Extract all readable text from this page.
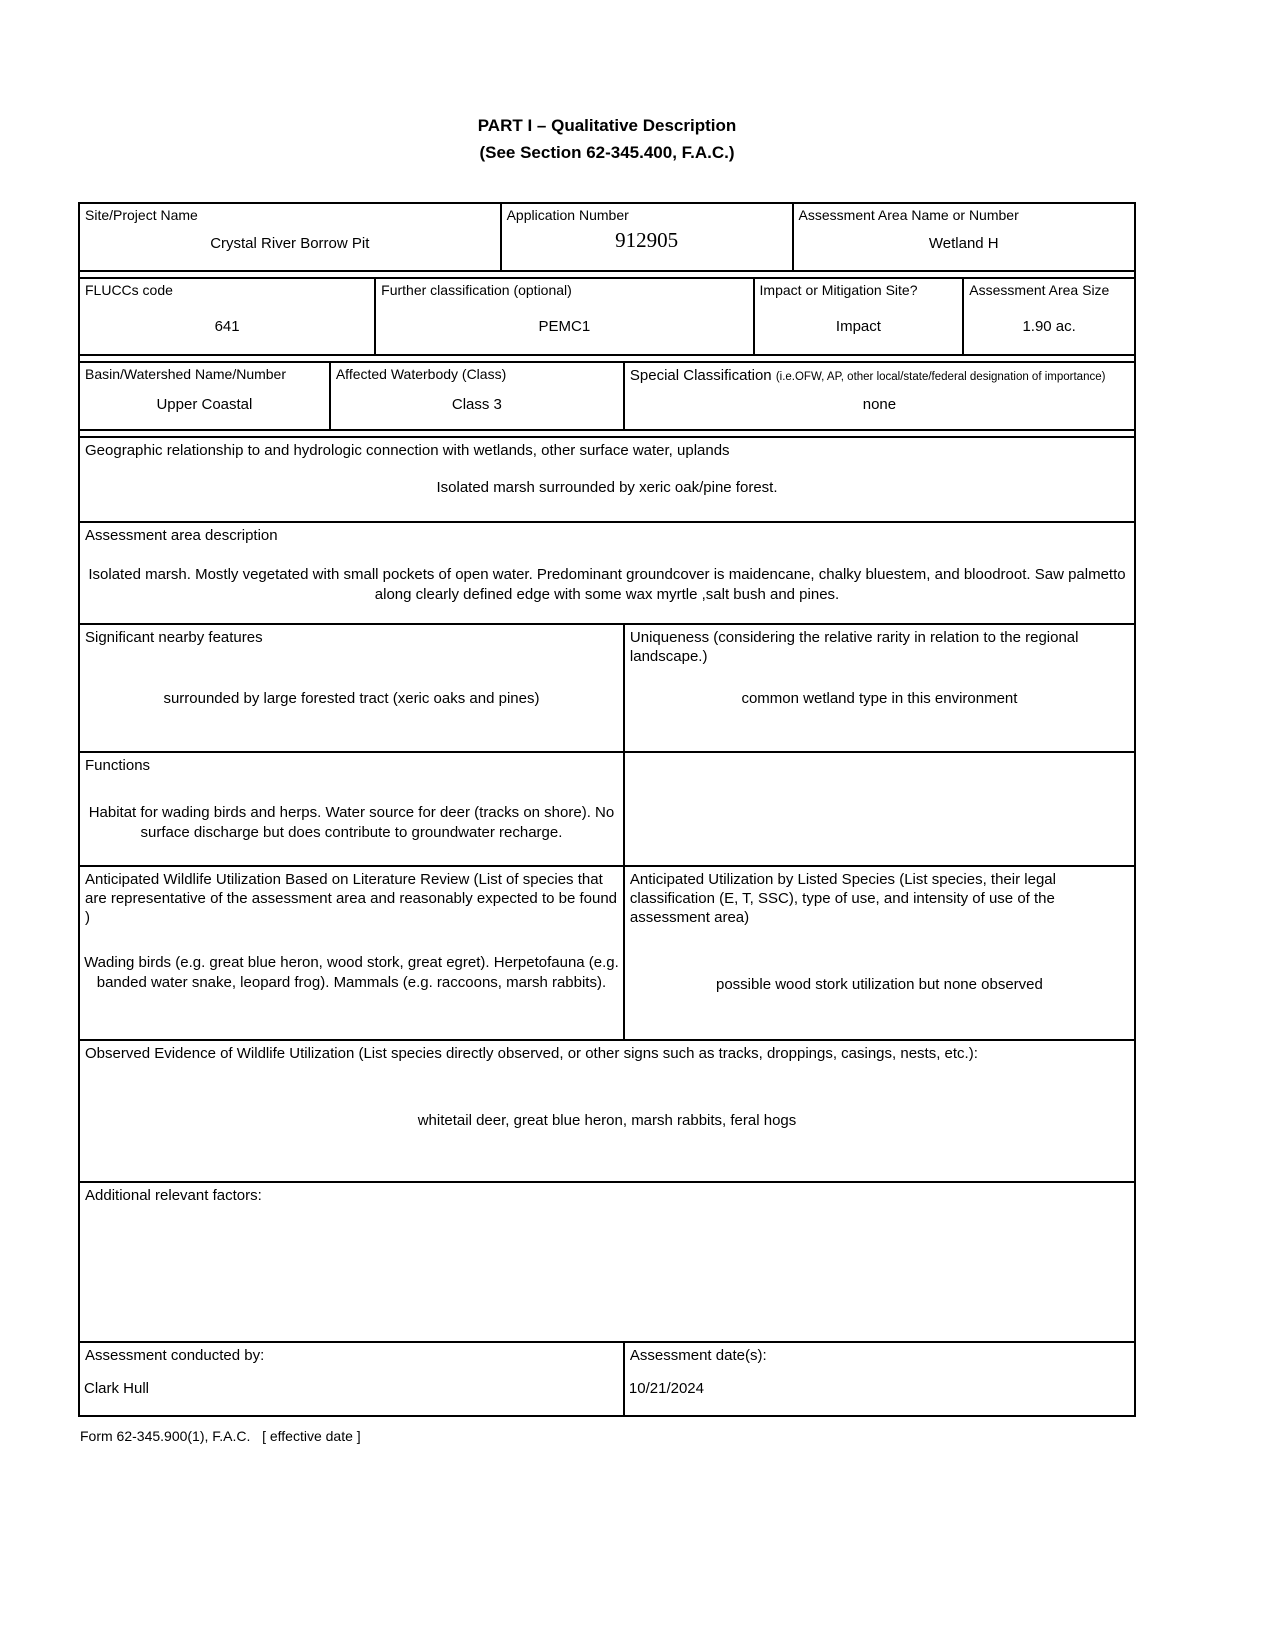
PART I – Qualitative Description
(See Section 62-345.400, F.A.C.)
Site/Project Name
Crystal River Borrow Pit
Application Number
912905
Assessment Area Name or Number
Wetland H
FLUCCs code
641
Further classification (optional)
PEMC1
Impact or Mitigation Site?
Impact
Assessment Area Size
1.90 ac.
Basin/Watershed Name/Number
Upper Coastal
Affected Waterbody (Class)
Class 3
Special Classification (i.e.OFW, AP, other local/state/federal designation of importance)
none
Geographic relationship to and hydrologic connection with wetlands, other surface water, uplands
Isolated marsh surrounded by xeric oak/pine forest.
Assessment area description
Isolated marsh. Mostly vegetated with small pockets of open water. Predominant groundcover is maidencane, chalky bluestem, and bloodroot. Saw palmetto along clearly defined edge with some wax myrtle ,salt bush and pines.
Significant nearby features
surrounded by large forested tract (xeric oaks and pines)
Uniqueness (considering the relative rarity in relation to the regional landscape.)
common wetland type in this environment
Functions
Habitat for wading birds and herps. Water source for deer (tracks on shore). No surface discharge but does contribute to groundwater recharge.
Anticipated Wildlife Utilization Based on Literature Review (List of species that are representative of the assessment area and reasonably expected to be found )
Wading birds (e.g. great blue heron, wood stork, great egret). Herpetofauna (e.g. banded water snake, leopard frog). Mammals (e.g. raccoons, marsh rabbits).
Anticipated Utilization by Listed Species (List species, their legal classification (E, T, SSC), type of use, and intensity of use of the assessment area)
possible wood stork utilization but none observed
Observed Evidence of Wildlife Utilization (List species directly observed, or other signs such as tracks, droppings, casings, nests, etc.):
whitetail deer, great blue heron, marsh rabbits, feral hogs
Additional relevant factors:
Assessment conducted by:
Clark Hull
Assessment date(s):
10/21/2024
Form 62-345.900(1), F.A.C.   [ effective date ]
